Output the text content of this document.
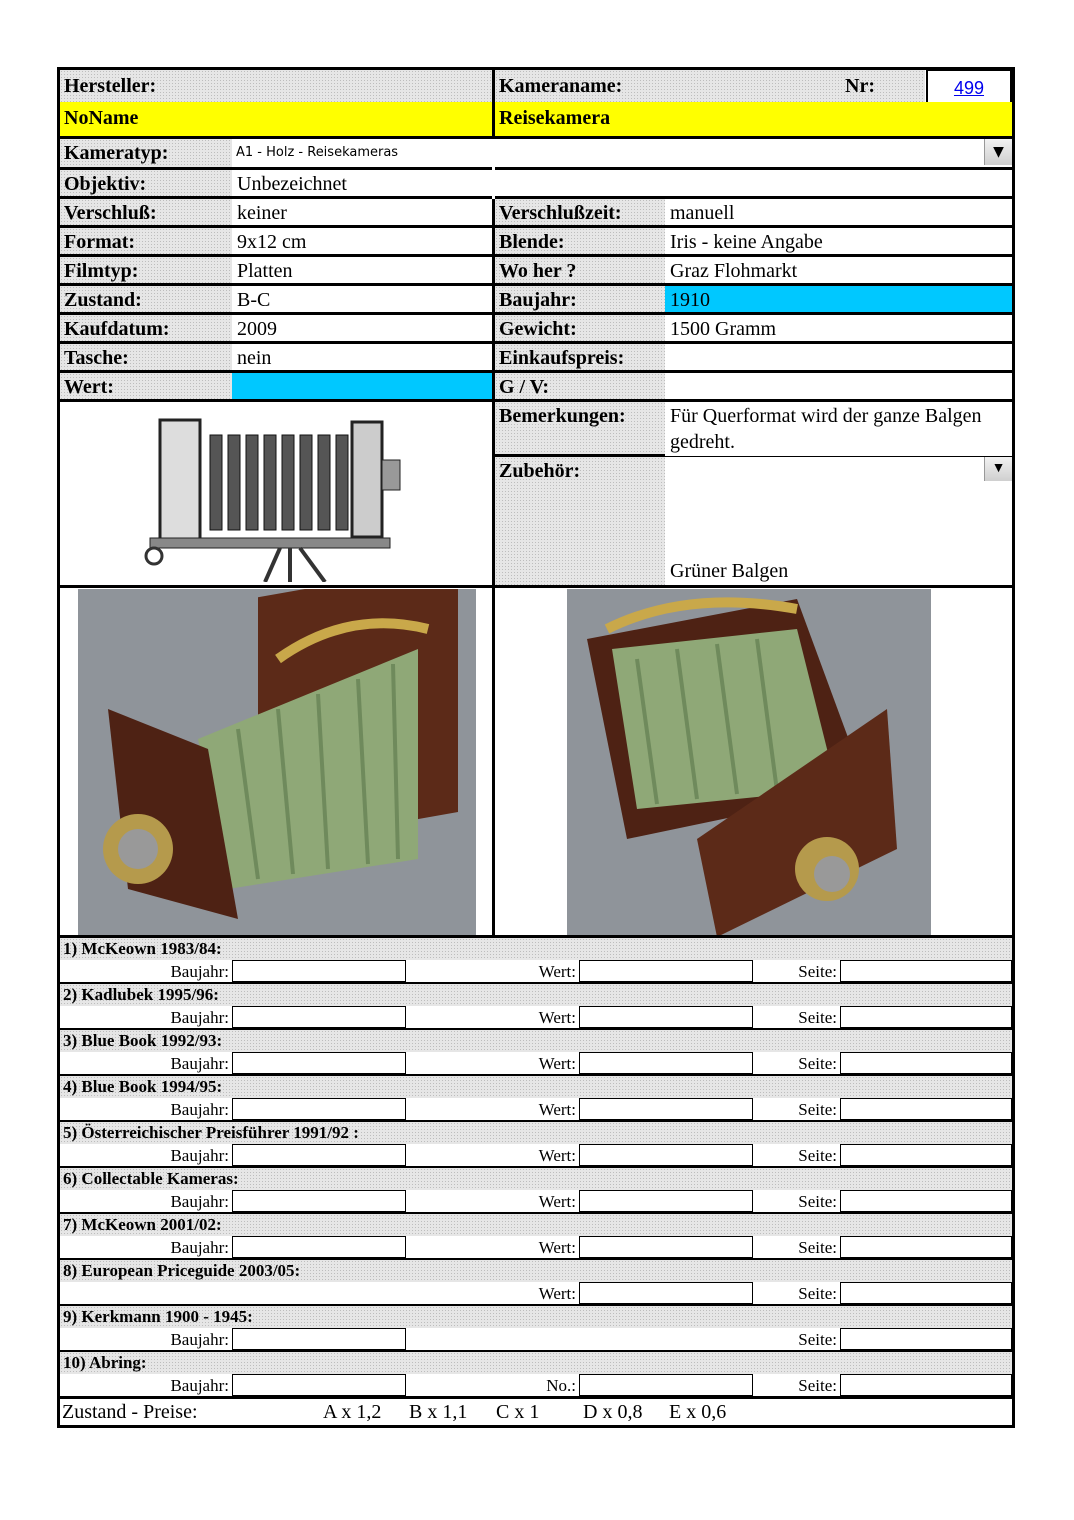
Hersteller:	Kameraname:	Nr:	499
NoName	Reisekamera
Kameratyp:	A1 - Holz - Reisekameras	▼
Objektiv:	Unbezeichnet
Verschluß:	keiner	Verschlußzeit:	manuell
Format:	9x12 cm	Blende:	Iris - keine Angabe
Filmtyp:	Platten	Wo her ?	Graz Flohmarkt
Zustand:	B-C	Baujahr:	1910
Kaufdatum:	2009	Gewicht:	1500 Gramm
Tasche:	nein	Einkaufspreis:
Wert:	G / V:
Bemerkungen:	Für Querformat wird der ganze Balgen gedreht.
Zubehör:
Grüner Balgen
▼
1) McKeown 1983/84:
Baujahr:	Wert:	Seite:
2) Kadlubek 1995/96:
Baujahr:	Wert:	Seite:
3) Blue Book 1992/93:
Baujahr:	Wert:	Seite:
4) Blue Book 1994/95:
Baujahr:	Wert:	Seite:
5) Österreichischer Preisführer 1991/92 :
Baujahr:	Wert:	Seite:
6) Collectable Kameras:
Baujahr:	Wert:	Seite:
7) McKeown 2001/02:
Baujahr:	Wert:	Seite:
8) European Priceguide 2003/05:
Wert:	Seite:
9) Kerkmann 1900 - 1945:
Baujahr:	Seite:
10) Abring:
Baujahr:	No.:	Seite:
Zustand - Preise:	A x 1,2 B x 1,1 C x 1 D x 0,8 E x 0,6
